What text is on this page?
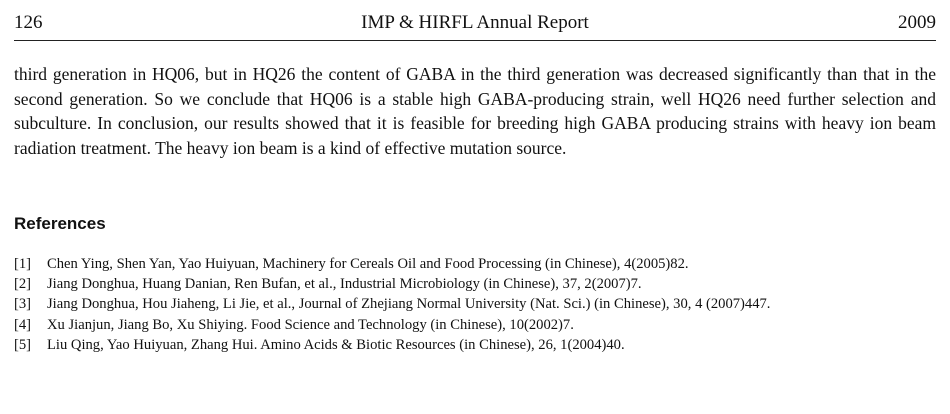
126	IMP & HIRFL Annual Report	2009

third generation in HQ06, but in HQ26 the content of GABA in the third generation was decreased significantly than that in the second generation. So we conclude that HQ06 is a stable high GABA-producing strain, well HQ26 need further selection and subculture. In conclusion, our results showed that it is feasible for breeding high GABA producing strains with heavy ion beam radiation treatment. The heavy ion beam is a kind of effective mutation source.

References
[1]	Chen Ying, Shen Yan, Yao Huiyuan, Machinery for Cereals Oil and Food Processing (in Chinese), 4(2005)82.
[2]	Jiang Donghua, Huang Danian, Ren Bufan, et al., Industrial Microbiology (in Chinese), 37, 2(2007)7.
[3]	Jiang Donghua, Hou Jiaheng, Li Jie, et al., Journal of Zhejiang Normal University (Nat. Sci.) (in Chinese), 30, 4 (2007)447.
[4]	Xu Jianjun, Jiang Bo, Xu Shiying. Food Science and Technology (in Chinese), 10(2002)7.
[5]	Liu Qing, Yao Huiyuan, Zhang Hui. Amino Acids & Biotic Resources (in Chinese), 26, 1(2004)40.
